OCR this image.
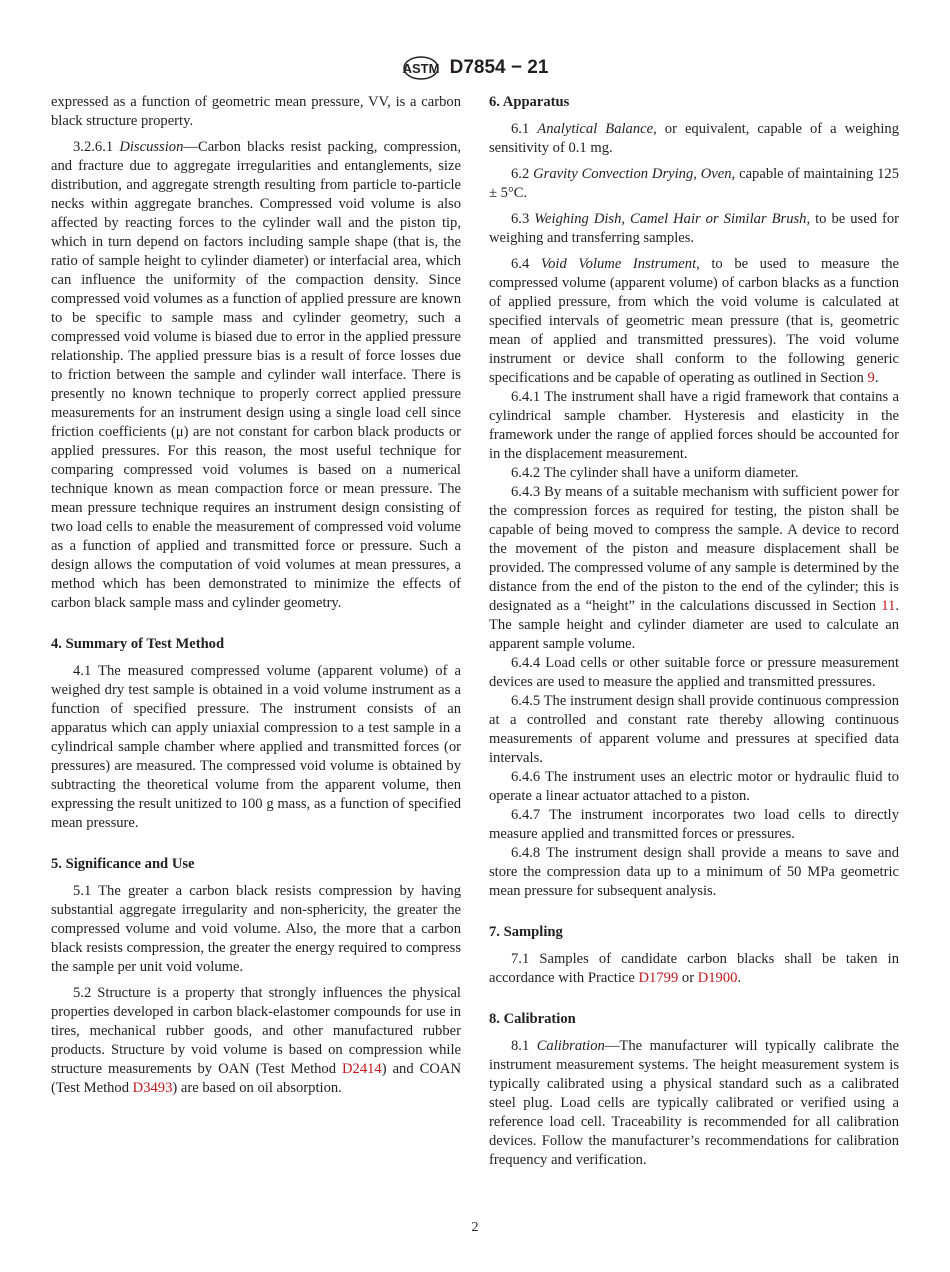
ASTM D7854 − 21

expressed as a function of geometric mean pressure, VV, is a carbon black structure property.

3.2.6.1 Discussion—Carbon blacks resist packing, compression, and fracture due to aggregate irregularities and entanglements, size distribution, and aggregate strength resulting from particle to-particle necks within aggregate branches. Compressed void volume is also affected by reacting forces to the cylinder wall and the piston tip, which in turn depend on factors including sample shape (that is, the ratio of sample height to cylinder diameter) or interfacial area, which can influence the uniformity of the compaction density. Since compressed void volumes as a function of applied pressure are known to be specific to sample mass and cylinder geometry, such a compressed void volume is biased due to error in the applied pressure relationship. The applied pressure bias is a result of force losses due to friction between the sample and cylinder wall interface. There is presently no known technique to properly correct applied pressure measurements for an instrument design using a single load cell since friction coefficients (μ) are not constant for carbon black products or applied pressures. For this reason, the most useful technique for comparing compressed void volumes is based on a numerical technique known as mean compaction force or mean pressure. The mean pressure technique requires an instrument design consisting of two load cells to enable the measurement of compressed void volume as a function of applied and transmitted force or pressure. Such a design allows the computation of void volumes at mean pressures, a method which has been demonstrated to minimize the effects of carbon black sample mass and cylinder geometry.

4. Summary of Test Method

4.1 The measured compressed volume (apparent volume) of a weighed dry test sample is obtained in a void volume instrument as a function of specified pressure. The instrument consists of an apparatus which can apply uniaxial compression to a test sample in a cylindrical sample chamber where applied and transmitted forces (or pressures) are measured. The compressed void volume is obtained by subtracting the theoretical volume from the apparent volume, then expressing the result unitized to 100 g mass, as a function of specified mean pressure.

5. Significance and Use

5.1 The greater a carbon black resists compression by having substantial aggregate irregularity and non-sphericity, the greater the compressed volume and void volume. Also, the more that a carbon black resists compression, the greater the energy required to compress the sample per unit void volume.

5.2 Structure is a property that strongly influences the physical properties developed in carbon black-elastomer compounds for use in tires, mechanical rubber goods, and other manufactured rubber products. Structure by void volume is based on compression while structure measurements by OAN (Test Method D2414) and COAN (Test Method D3493) are based on oil absorption.

6. Apparatus

6.1 Analytical Balance, or equivalent, capable of a weighing sensitivity of 0.1 mg.

6.2 Gravity Convection Drying, Oven, capable of maintaining 125 ± 5°C.

6.3 Weighing Dish, Camel Hair or Similar Brush, to be used for weighing and transferring samples.

6.4 Void Volume Instrument, to be used to measure the compressed volume (apparent volume) of carbon blacks as a function of applied pressure, from which the void volume is calculated at specified intervals of geometric mean pressure (that is, geometric mean of applied and transmitted pressures). The void volume instrument or device shall conform to the following generic specifications and be capable of operating as outlined in Section 9.

6.4.1 The instrument shall have a rigid framework that contains a cylindrical sample chamber. Hysteresis and elasticity in the framework under the range of applied forces should be accounted for in the displacement measurement.

6.4.2 The cylinder shall have a uniform diameter.

6.4.3 By means of a suitable mechanism with sufficient power for the compression forces as required for testing, the piston shall be capable of being moved to compress the sample. A device to record the movement of the piston and measure displacement shall be provided. The compressed volume of any sample is determined by the distance from the end of the piston to the end of the cylinder; this is designated as a “height” in the calculations discussed in Section 11. The sample height and cylinder diameter are used to calculate an apparent sample volume.

6.4.4 Load cells or other suitable force or pressure measurement devices are used to measure the applied and transmitted pressures.

6.4.5 The instrument design shall provide continuous compression at a controlled and constant rate thereby allowing continuous measurements of apparent volume and pressures at specified data intervals.

6.4.6 The instrument uses an electric motor or hydraulic fluid to operate a linear actuator attached to a piston.

6.4.7 The instrument incorporates two load cells to directly measure applied and transmitted forces or pressures.

6.4.8 The instrument design shall provide a means to save and store the compression data up to a minimum of 50 MPa geometric mean pressure for subsequent analysis.

7. Sampling

7.1 Samples of candidate carbon blacks shall be taken in accordance with Practice D1799 or D1900.

8. Calibration

8.1 Calibration—The manufacturer will typically calibrate the instrument measurement systems. The height measurement system is typically calibrated using a physical standard such as a calibrated steel plug. Load cells are typically calibrated or verified using a reference load cell. Traceability is recommended for all calibration devices. Follow the manufacturer’s recommendations for calibration frequency and verification.

2
